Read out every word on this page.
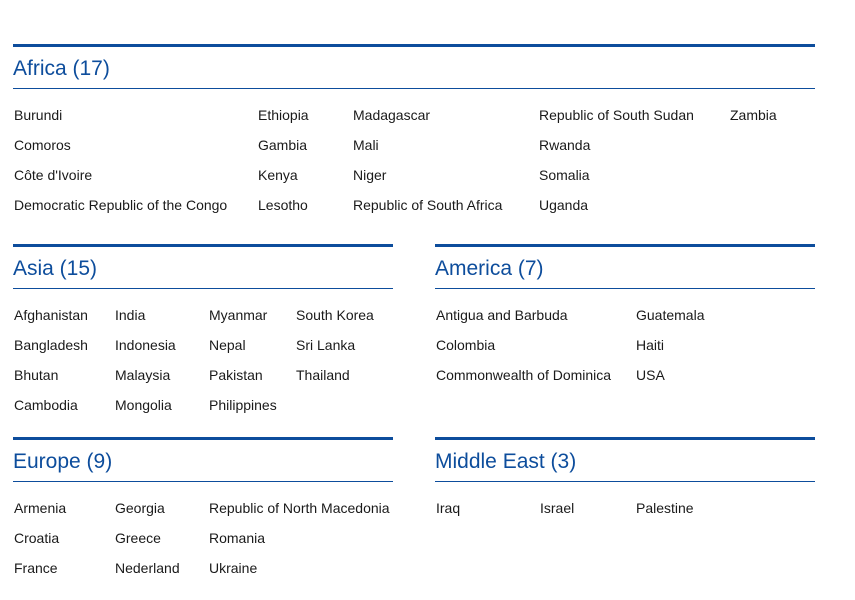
Africa (17)
Burundi
Comoros
Côte d'Ivoire
Democratic Republic of the Congo
Ethiopia
Gambia
Kenya
Lesotho
Madagascar
Mali
Niger
Republic of South Africa
Republic of South Sudan
Rwanda
Somalia
Uganda
Zambia
Asia (15)
Afghanistan
Bangladesh
Bhutan
Cambodia
India
Indonesia
Malaysia
Mongolia
Myanmar
Nepal
Pakistan
Philippines
South Korea
Sri Lanka
Thailand
America (7)
Antigua and Barbuda
Colombia
Commonwealth of Dominica
Guatemala
Haiti
USA
Europe (9)
Armenia
Croatia
France
Georgia
Greece
Nederland
Republic of North Macedonia
Romania
Ukraine
Middle East (3)
Iraq	Israel	Palestine
